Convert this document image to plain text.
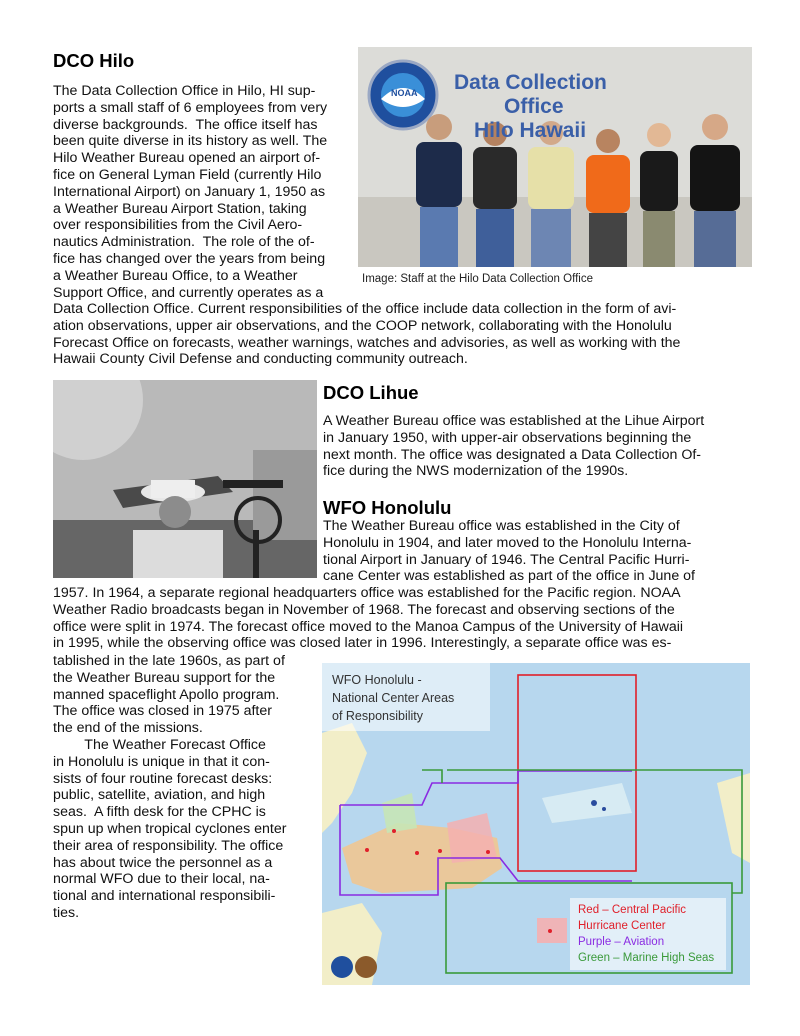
DCO Hilo
The Data Collection Office in Hilo, HI sup-
ports a small staff of 6 employees from very
diverse backgrounds.  The office itself has
been quite diverse in its history as well. The
Hilo Weather Bureau opened an airport of-
fice on General Lyman Field (currently Hilo
International Airport) on January 1, 1950 as
a Weather Bureau Airport Station, taking
over responsibilities from the Civil Aero-
nautics Administration.  The role of the of-
fice has changed over the years from being
a Weather Bureau Office, to a Weather
Support Office, and currently operates as a
NOAA Data Collection
Office
Hilo Hawaii
Image: Staff at the Hilo Data Collection Office
Data Collection Office. Current responsibilities of the office include data collection in the form of avi-
ation observations, upper air observations, and the COOP network, collaborating with the Honolulu
Forecast Office on forecasts, weather warnings, watches and advisories, as well as working with the
Hawaii County Civil Defense and conducting community outreach.
DCO Lihue
A Weather Bureau office was established at the Lihue Airport
in January 1950, with upper-air observations beginning the
next month. The office was designated a Data Collection Of-
fice during the NWS modernization of the 1990s.
WFO Honolulu
The Weather Bureau office was established in the City of
Honolulu in 1904, and later moved to the Honolulu Interna-
tional Airport in January of 1946. The Central Pacific Hurri-
cane Center was established as part of the office in June of
1957. In 1964, a separate regional headquarters office was established for the Pacific region. NOAA
Weather Radio broadcasts began in November of 1968. The forecast and observing sections of the
office were split in 1974. The forecast office moved to the Manoa Campus of the University of Hawaii
in 1995, while the observing office was closed later in 1996. Interestingly, a separate office was es-
tablished in the late 1960s, as part of
the Weather Bureau support for the
manned spaceflight Apollo program.
The office was closed in 1975 after
the end of the missions.
The Weather Forecast Office
in Honolulu is unique in that it con-
sists of four routine forecast desks:
public, satellite, aviation, and high
seas.  A fifth desk for the CPHC is
spun up when tropical cyclones enter
their area of responsibility. The office
has about twice the personnel as a
normal WFO due to their local, na-
tional and international responsibili-
ties.
WFO Honolulu -
National Center Areas
of Responsibility
Red – Central Pacific
Hurricane Center
Purple – Aviation
Green – Marine High Seas
